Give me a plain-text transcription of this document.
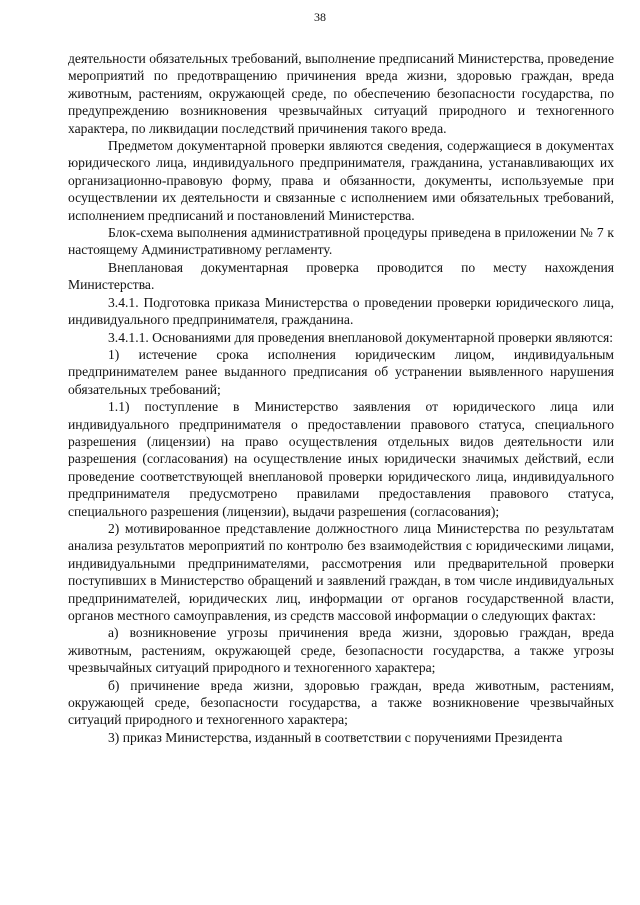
38

деятельности обязательных требований, выполнение предписаний Министерства, проведение мероприятий по предотвращению причинения вреда жизни, здоровью граждан, вреда животным, растениям, окружающей среде, по обеспечению безопасности государства, по предупреждению возникновения чрезвычайных ситуаций природного и техногенного характера, по ликвидации последствий причинения такого вреда.

Предметом документарной проверки являются сведения, содержащиеся в документах юридического лица, индивидуального предпринимателя, гражданина, устанавливающих их организационно-правовую форму, права и обязанности, документы, используемые при осуществлении их деятельности и связанные с исполнением ими обязательных требований, исполнением предписаний и постановлений Министерства.

Блок-схема выполнения административной процедуры приведена в приложении № 7 к настоящему Административному регламенту.

Внеплановая документарная проверка проводится по месту нахождения Министерства.

3.4.1. Подготовка приказа Министерства о проведении проверки юридического лица, индивидуального предпринимателя, гражданина.

3.4.1.1. Основаниями для проведения внеплановой документарной проверки являются:

1) истечение срока исполнения юридическим лицом, индивидуальным предпринимателем ранее выданного предписания об устранении выявленного нарушения обязательных требований;

1.1) поступление в Министерство заявления от юридического лица или индивидуального предпринимателя о предоставлении правового статуса, специального разрешения (лицензии) на право осуществления отдельных видов деятельности или разрешения (согласования) на осуществление иных юридически значимых действий, если проведение соответствующей внеплановой проверки юридического лица, индивидуального предпринимателя предусмотрено правилами предоставления правового статуса, специального разрешения (лицензии), выдачи разрешения (согласования);

2) мотивированное представление должностного лица Министерства по результатам анализа результатов мероприятий по контролю без взаимодействия с юридическими лицами, индивидуальными предпринимателями, рассмотрения или предварительной проверки поступивших в Министерство обращений и заявлений граждан, в том числе индивидуальных предпринимателей, юридических лиц, информации от органов государственной власти, органов местного самоуправления, из средств массовой информации о следующих фактах:

а) возникновение угрозы причинения вреда жизни, здоровью граждан, вреда животным, растениям, окружающей среде, безопасности государства, а также угрозы чрезвычайных ситуаций природного и техногенного характера;

б) причинение вреда жизни, здоровью граждан, вреда животным, растениям, окружающей среде, безопасности государства, а также возникновение чрезвычайных ситуаций природного и техногенного характера;

3) приказ Министерства, изданный в соответствии с поручениями Президента
